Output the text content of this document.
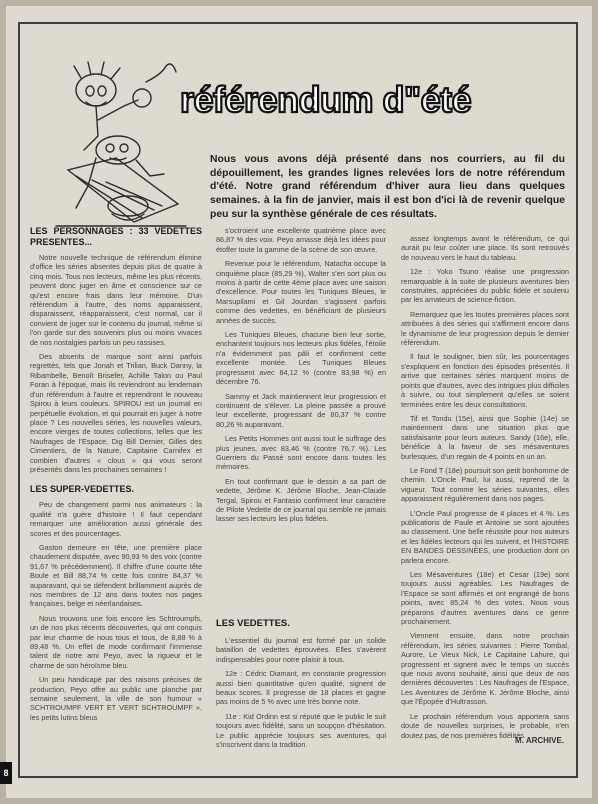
référendum d"été
Nous vous avons déjà présenté dans nos courriers, au fil du dépouillement, les grandes lignes relevées lors de notre référendum d'été. Notre grand référendum d'hiver aura lieu dans quelques semaines. à la fin de janvier, mais il est bon d'ici là de revenir quelque peu sur la synthèse générale de ces résultats.
LES PERSONNAGES : 33 VEDETTES PRESENTES...

Notre nouvelle technique de référendum élimine d'office les séries absentes depuis plus de quatre à cinq mois. Tous nos lecteurs, même les plus récents, peuvent donc juger en âme et conscience sur ce qu'est encore frais dans leur mémoire. D'un référendum à l'autre, des noms apparaissent, disparaissent, réapparaissent, c'est normal, car il convient de juger sur le contenu du journal, même si l'on garde sur des souvenirs plus ou moins vivaces de nos nostalgies parfois un peu rassises.

Des absents de marque sont ainsi parfois regrettés, tels que Jonah et Trilian, Buck Danny, la Ribambelle, Benoît Brisefer, Achille Talon ou Paul Foran à l'époque, mais ils reviendront au lendemain d'un référendum à l'autre et reprendront le nouveau Spirou à leurs couleurs. SPIROU est un journal en perpétuelle évolution, et qui pourrait en juger à notre place ? Les nouvelles séries, les nouvelles valeurs, encore vierges de toutes collections, telles que les Naufrages de l'Espace, Dig Bill Dernier, Gilles des Cimentiers, de la Nature, Capitaine Carnifex et combien d'autres « clous » qui vous seront présentés dans les prochaines semaines !

LES SUPER-VEDETTES.

Peu de changement parmi nos animateurs : la qualité n'a guère d'histoire ! Il faut cependant remarquer une amélioration aussi générale des scores et des pourcentages.

Gaston demeure en tête, une première place chaudement disputée, avec 90,93 % des voix (contre 91,67 % précédemment). Il chiffre d'une courte tête Boule et Bill 88,74 % cette fois contre 84,37 % auparavant, qui se défendent brillamment auprès de nos membres de 12 ans dans toutes nos pages françaises, belge et néerlandaises.

Nous trouvons une fois encore les Schtroumpfs, un de nos plus récents découvertes, qui ont conquis par leur charme de nous tous et tous, de 8,88 % à 89,48 %. Un effet de mode confirmant l'immense talent de notre ami Peyo, avec la rigueur et le charme de son héroïsme bleu.

Un peu handicapé par des raisons précises de production, Peyo offre au public une planche par semaine seulement, la ville de son humour « SCHTROUMPF VERT ET VERT SCHTROUMPF », les petits lutins bleus

s'octroient une excellente quatrième place avec 86,87 % des voix. Peyo amasse déjà les idées pour étoffer toute la gamme de la scène de son œuvre.

Revenue pour le référendum, Natacha occupe la cinquième place (85,29 %), Walter s'en sort plus ou moins à partir de cette 4ème place avec une saison d'excellence. Pour toutes les Tuniques Bleues, le Marsupilami et Gil Jourdan s'agissent parfois comme des vedettes, en bénéficiant de plusieurs années de succès.

Les Tuniques Bleues, chacune bien leur sortie, enchantent toujours nos lecteurs plus fidèles, l'étoile n'a évidemment pas pâli et confirment cette excellente montée. Les Tuniques Bleues progressent avec 84,12 % (contre 83,98 %) en décembre 76.

Sammy et Jack maintiennent leur progression et continuent de s'élever. La pleine passée a prouvé leur excellente, progressant de 80,37 % contre 80,26 % auparavant.

Les Petits Hommes ont aussi tout le suffrage des plus jeunes, avec 83,46 % (contre 76,7 %). Les Guerriers du Passé sont encore dans toutes les mémoires.

En tout confirmant que le dessin a sa part de vedette, Jérôme K. Jérôme Bloche, Jean-Claude Tergal, Spirou et Fantasio confirment leur caractère de Pilote Vedette de ce journal qui semble ne jamais lasser ses lecteurs les plus fidèles.

LES VEDETTES.

L'essentiel du journal est formé par un solide bataillon de vedettes éprouvées. Elles s'avèrent indispensables pour notre plaisir à tous.

12e : Cédric Diamant, en constante progression aussi bien quantitative qu'en qualité, signent de beaux scores. Il progresse de 18 places et gagne pas moins de 5 % avec une très bonne note.

11e : Kid Ordinn est si réputé que le public le suit toujours avec fidélité, sans un soupçon d'hésitation. Le public apprécie toujours ses aventures, qui s'inscrivent dans la tradition.

assez longtemps avant le référendum, ce qui aurait pu leur coûter une place. Ils sont retrouvés de nouveau vers le haut du tableau.

12e : Yoko Tsuno réalise une progression remarquable à la suite de plusieurs aventures bien construites, appréciées du public fidèle et soutenu par les amateurs de science-fiction.

Remarquez que les toutes premières places sont attribuées à des séries qui s'affirment encore dans le dynamisme de leur progression depuis le dernier référendum.

Il faut le souligner, bien sûr, les pourcentages s'expliquent en fonction des épisodes présentés. Il arrive que certaines séries marquent moins de points que d'autres, avec des intrigues plus difficiles à suivre, ou tout simplement qu'elles se soient terminées entre les deux consultations.

Tif et Tondu (15e), ainsi que Sophie (14e) se maintiennent dans une situation plus que satisfaisante pour leurs auteurs. Sandy (16e), elle, bénéficie à la faveur de ses mésaventures burlesques, d'un regain de 4 points en un an.

Le Fond T (18e) poursuit son petit bonhomme de chemin. L'Oncle Paul, lui aussi, reprend de la vigueur. Tout comme les séries suivantes, elles apparaissent régulièrement dans nos pages.

L'Oncle Paul progresse de 4 places et 4 %. Les publications de Paule et Antoine se sont ajoutées au classement. Une belle réussite pour nos auteurs et les fidèles lecteurs qui les suivent, et l'HISTOIRE EN BANDES DESSINÉES, une production dont on parlera encore.

Les Mésaventures (18e) et Cesar (19e) sont toujours aussi agréables. Les Naufrages de l'Espace se sont affirmés et ont engrangé de bons points, avec 85,24 % des votes. Nous vous préparons d'autres aventures dans ce genre prochainement.

Viennent ensuite, dans notre prochain référendum, les séries suivantes : Pierre Tombal, Aurore, Le Vieux Nick, Le Capitaine Lahure, qui progressent et signent avec le temps un succès que nous avons souhaité, ainsi que deux de nos dernières découvertes : Les Naufrages de l'Espace, Les Aventures de Jérôme K. Jérôme Bloche, ainsi que l'Épopée d'Hultrasson.

Le prochain référendum vous apportera sans doute de nouvelles surprises, le probable, n'en doutez pas, de nos premières fidélités.

M. ARCHIVE.
8
